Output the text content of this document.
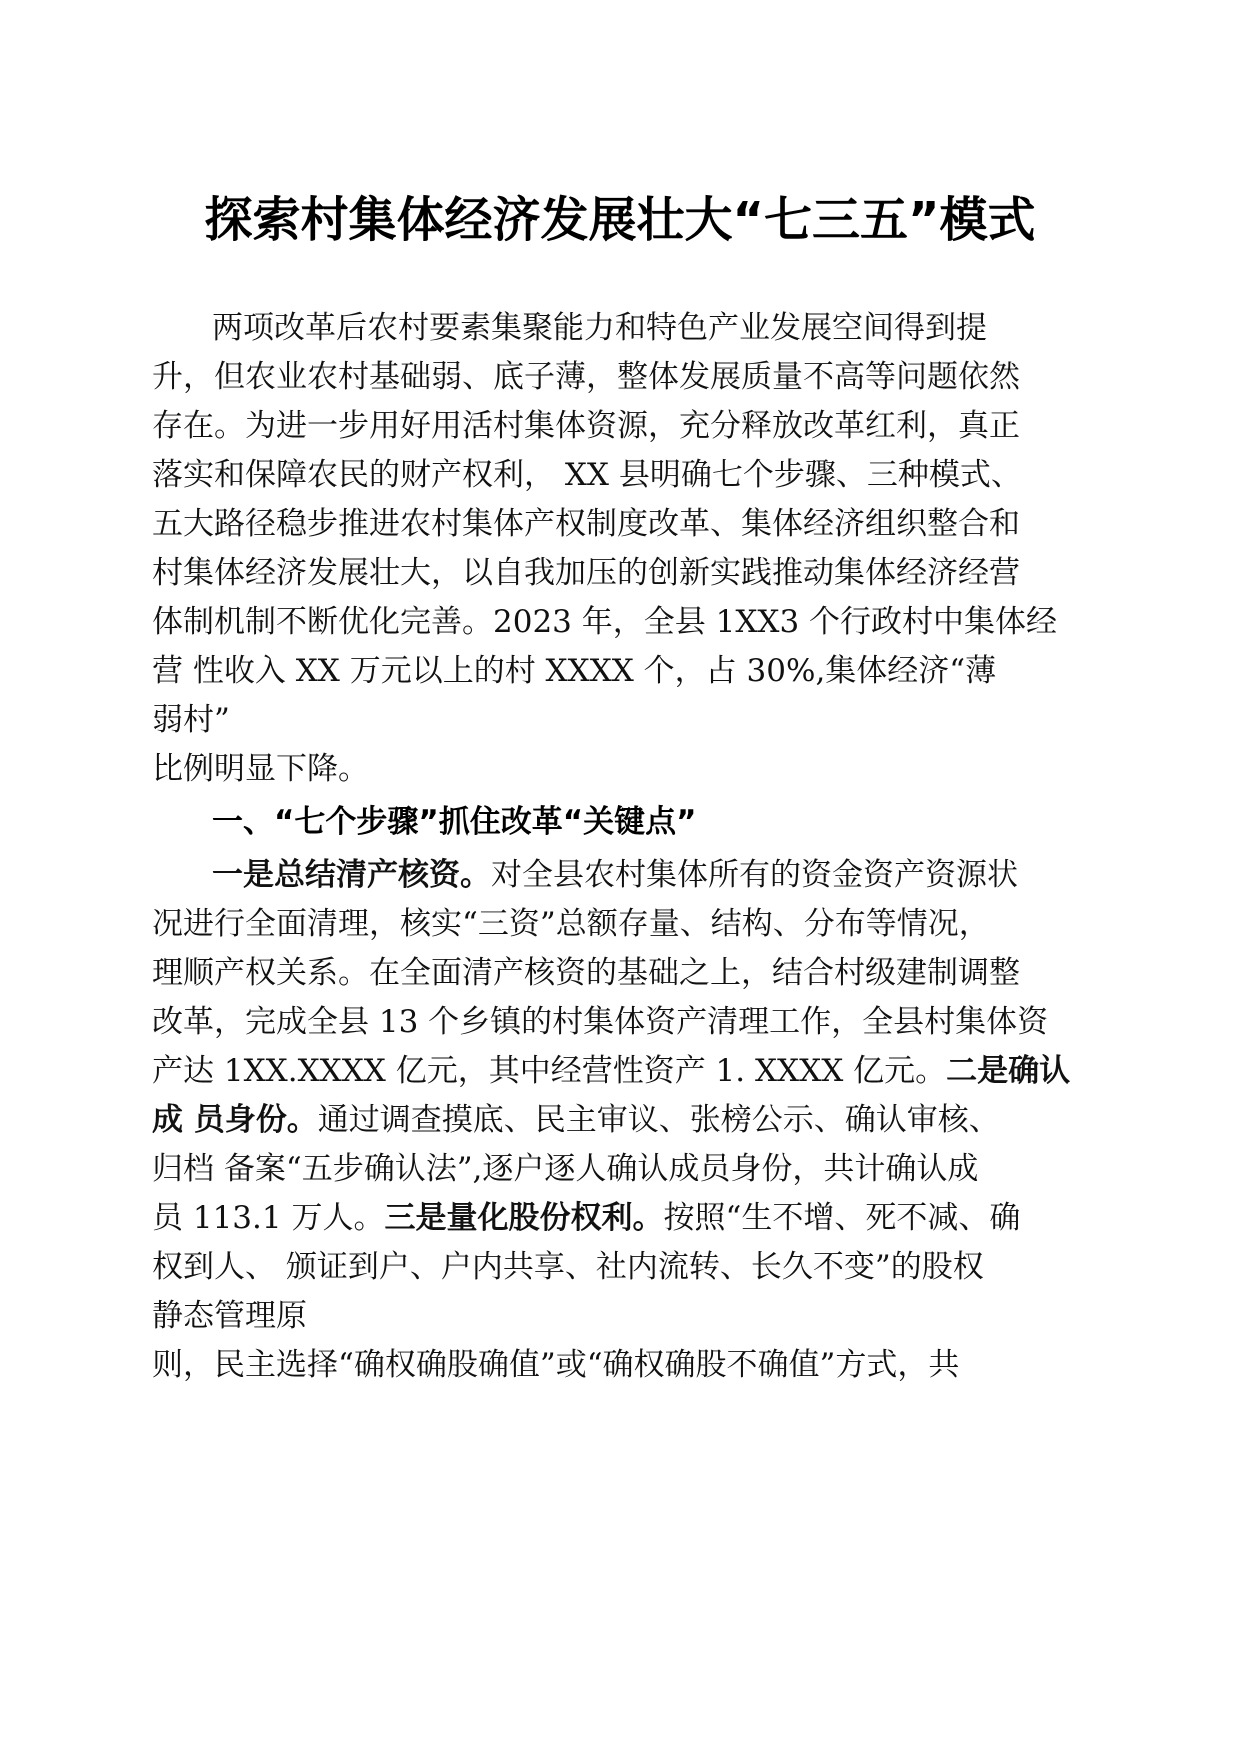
探索村集体经济发展壮大“七三五”模式
两项改革后农村要素集聚能力和特色产业发展空间得到提
升，但农业农村基础弱、底子薄，整体发展质量不高等问题依然
存在。为进一步用好用活村集体资源，充分释放改革红利，真正
落实和保障农民的财产权利， XX 县明确七个步骤、三种模式、
五大路径稳步推进农村集体产权制度改革、集体经济组织整合和
村集体经济发展壮大，以自我加压的创新实践推动集体经济经营
体制机制不断优化完善。2023 年，全县 1XX3 个行政村中集体经
营 性收入 XX 万元以上的村 XXXX 个，占 30%,集体经济“薄
弱村”
比例明显下降。
一、“七个步骤”抓住改革“关键点”
一是总结清产核资。对全县农村集体所有的资金资产资源状
况进行全面清理，核实“三资”总额存量、结构、分布等情况，
理顺产权关系。在全面清产核资的基础之上，结合村级建制调整
改革，完成全县 13 个乡镇的村集体资产清理工作，全县村集体资
产达 1XX.XXXX 亿元，其中经营性资产 1. XXXX 亿元。二是确认
成 员身份。通过调查摸底、民主审议、张榜公示、确认审核、
归档 备案“五步确认法”,逐户逐人确认成员身份，共计确认成
员 113.1 万人。三是量化股份权利。按照“生不增、死不减、确
权到人、 颁证到户、户内共享、社内流转、长久不变”的股权
静态管理原
则，民主选择“确权确股确值”或“确权确股不确值”方式，共
